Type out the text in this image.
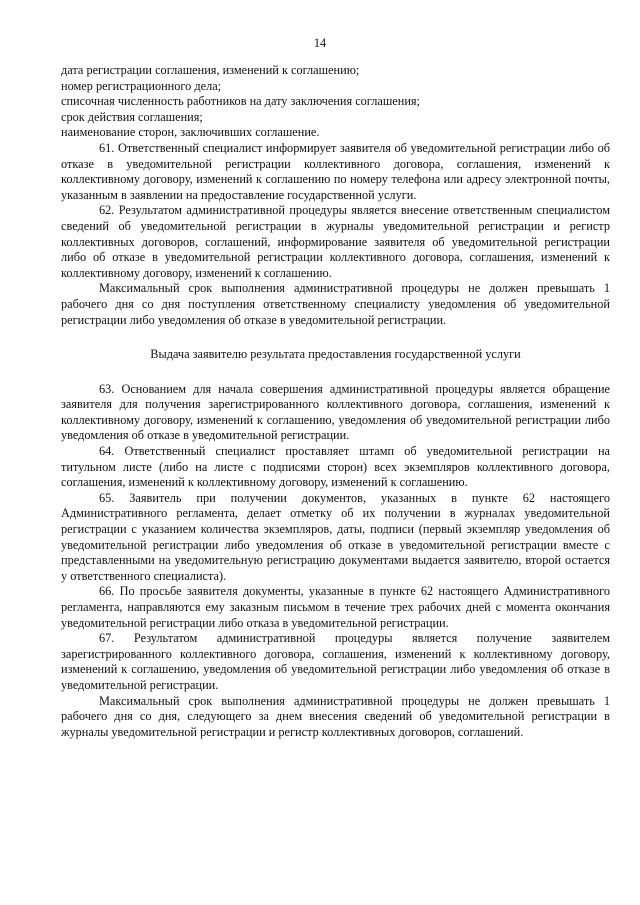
14

дата регистрации соглашения, изменений к соглашению;

номер регистрационного дела;

списочная численность работников на дату заключения соглашения;

срок действия соглашения;

наименование сторон, заключивших соглашение.

61. Ответственный специалист информирует заявителя об уведомительной регистрации либо об отказе в уведомительной регистрации коллективного договора, соглашения, изменений к коллективному договору, изменений к соглашению по номеру телефона или адресу электронной почты, указанным в заявлении на предоставление государственной услуги.

62. Результатом административной процедуры является внесение ответственным специалистом сведений об уведомительной регистрации в журналы уведомительной регистрации и регистр коллективных договоров, соглашений, информирование заявителя об уведомительной регистрации либо об отказе в уведомительной регистрации коллективного договора, соглашения, изменений к коллективному договору, изменений к соглашению.

Максимальный срок выполнения административной процедуры не должен превышать 1 рабочего дня со дня поступления ответственному специалисту уведомления об уведомительной регистрации либо уведомления об отказе в уведомительной регистрации.

Выдача заявителю результата предоставления государственной услуги

63. Основанием для начала совершения административной процедуры является обращение заявителя для получения зарегистрированного коллективного договора, соглашения, изменений к коллективному договору, изменений к соглашению, уведомления об уведомительной регистрации либо уведомления об отказе в уведомительной регистрации.

64. Ответственный специалист проставляет штамп об уведомительной регистрации на титульном листе (либо на листе с подписями сторон) всех экземпляров коллективного договора, соглашения, изменений к коллективному договору, изменений к соглашению.

65. Заявитель при получении документов, указанных в пункте 62 настоящего Административного регламента, делает отметку об их получении в журналах уведомительной регистрации с указанием количества экземпляров, даты, подписи (первый экземпляр уведомления об уведомительной регистрации либо уведомления об отказе в уведомительной регистрации вместе с представленными на уведомительную регистрацию документами выдается заявителю, второй остается у ответственного специалиста).

66. По просьбе заявителя документы, указанные в пункте 62 настоящего Административного регламента, направляются ему заказным письмом в течение трех рабочих дней с момента окончания уведомительной регистрации либо отказа в уведомительной регистрации.

67. Результатом административной процедуры является получение заявителем зарегистрированного коллективного договора, соглашения, изменений к коллективному договору, изменений к соглашению, уведомления об уведомительной регистрации либо уведомления об отказе в уведомительной регистрации.

Максимальный срок выполнения административной процедуры не должен превышать 1 рабочего дня со дня, следующего за днем внесения сведений об уведомительной регистрации в журналы уведомительной регистрации и регистр коллективных договоров, соглашений.
